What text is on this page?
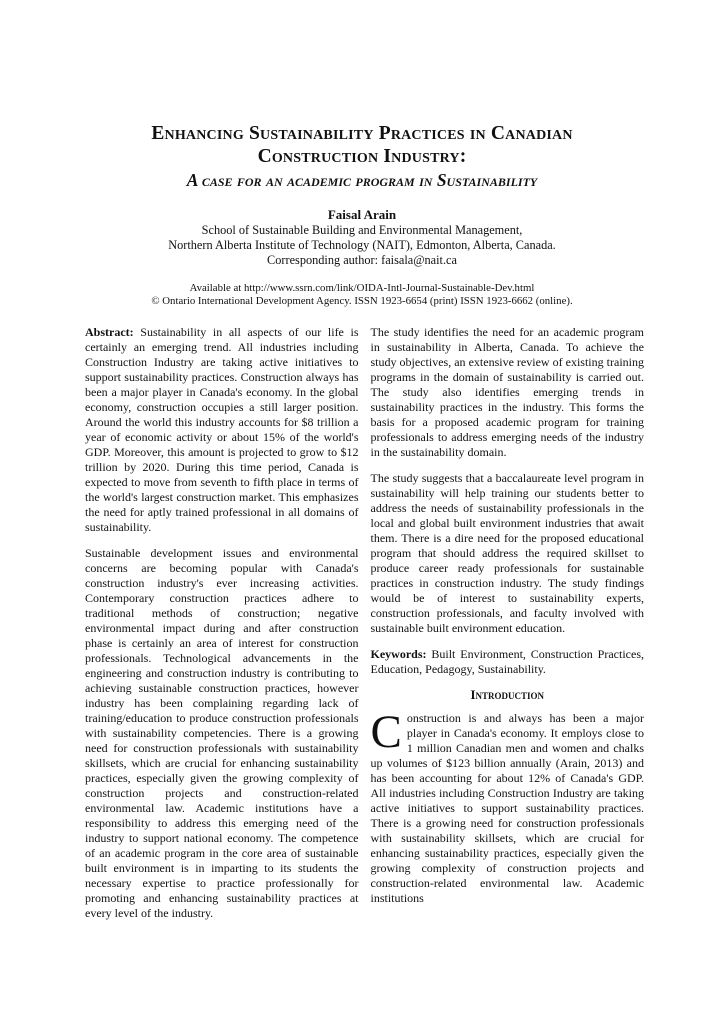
Enhancing Sustainability Practices in Canadian
Construction Industry:
A case for an academic program in Sustainability
Faisal Arain
School of Sustainable Building and Environmental Management,
Northern Alberta Institute of Technology (NAIT), Edmonton, Alberta, Canada.
Corresponding author: faisala@nait.ca
Available at http://www.ssrn.com/link/OIDA-Intl-Journal-Sustainable-Dev.html
© Ontario International Development Agency. ISSN 1923-6654 (print) ISSN 1923-6662 (online).

Abstract: Sustainability in all aspects of our life is certainly an emerging trend. All industries including Construction Industry are taking active initiatives to support sustainability practices. Construction always has been a major player in Canada's economy. In the global economy, construction occupies a still larger position. Around the world this industry accounts for $8 trillion a year of economic activity or about 15% of the world's GDP. Moreover, this amount is projected to grow to $12 trillion by 2020. During this time period, Canada is expected to move from seventh to fifth place in terms of the world's largest construction market. This emphasizes the need for aptly trained professional in all domains of sustainability.

Sustainable development issues and environmental concerns are becoming popular with Canada's construction industry's ever increasing activities. Contemporary construction practices adhere to traditional methods of construction; negative environmental impact during and after construction phase is certainly an area of interest for construction professionals. Technological advancements in the engineering and construction industry is contributing to achieving sustainable construction practices, however industry has been complaining regarding lack of training/education to produce construction professionals with sustainability competencies. There is a growing need for construction professionals with sustainability skillsets, which are crucial for enhancing sustainability practices, especially given the growing complexity of construction projects and construction-related environmental law. Academic institutions have a responsibility to address this emerging need of the industry to support national economy. The competence of an academic program in the core area of sustainable built environment is in imparting to its students the necessary expertise to practice professionally for promoting and enhancing sustainability practices at every level of the industry.

The study identifies the need for an academic program in sustainability in Alberta, Canada. To achieve the study objectives, an extensive review of existing training programs in the domain of sustainability is carried out. The study also identifies emerging trends in sustainability practices in the industry. This forms the basis for a proposed academic program for training professionals to address emerging needs of the industry in the sustainability domain.

The study suggests that a baccalaureate level program in sustainability will help training our students better to address the needs of sustainability professionals in the local and global built environment industries that await them. There is a dire need for the proposed educational program that should address the required skillset to produce career ready professionals for sustainable practices in construction industry. The study findings would be of interest to sustainability experts, construction professionals, and faculty involved with sustainable built environment education.

Keywords: Built Environment, Construction Practices, Education, Pedagogy, Sustainability.

Introduction

Construction is and always has been a major player in Canada's economy. It employs close to 1 million Canadian men and women and chalks up volumes of $123 billion annually (Arain, 2013) and has been accounting for about 12% of Canada's GDP. All industries including Construction Industry are taking active initiatives to support sustainability practices. There is a growing need for construction professionals with sustainability skillsets, which are crucial for enhancing sustainability practices, especially given the growing complexity of construction projects and construction-related environmental law. Academic institutions
